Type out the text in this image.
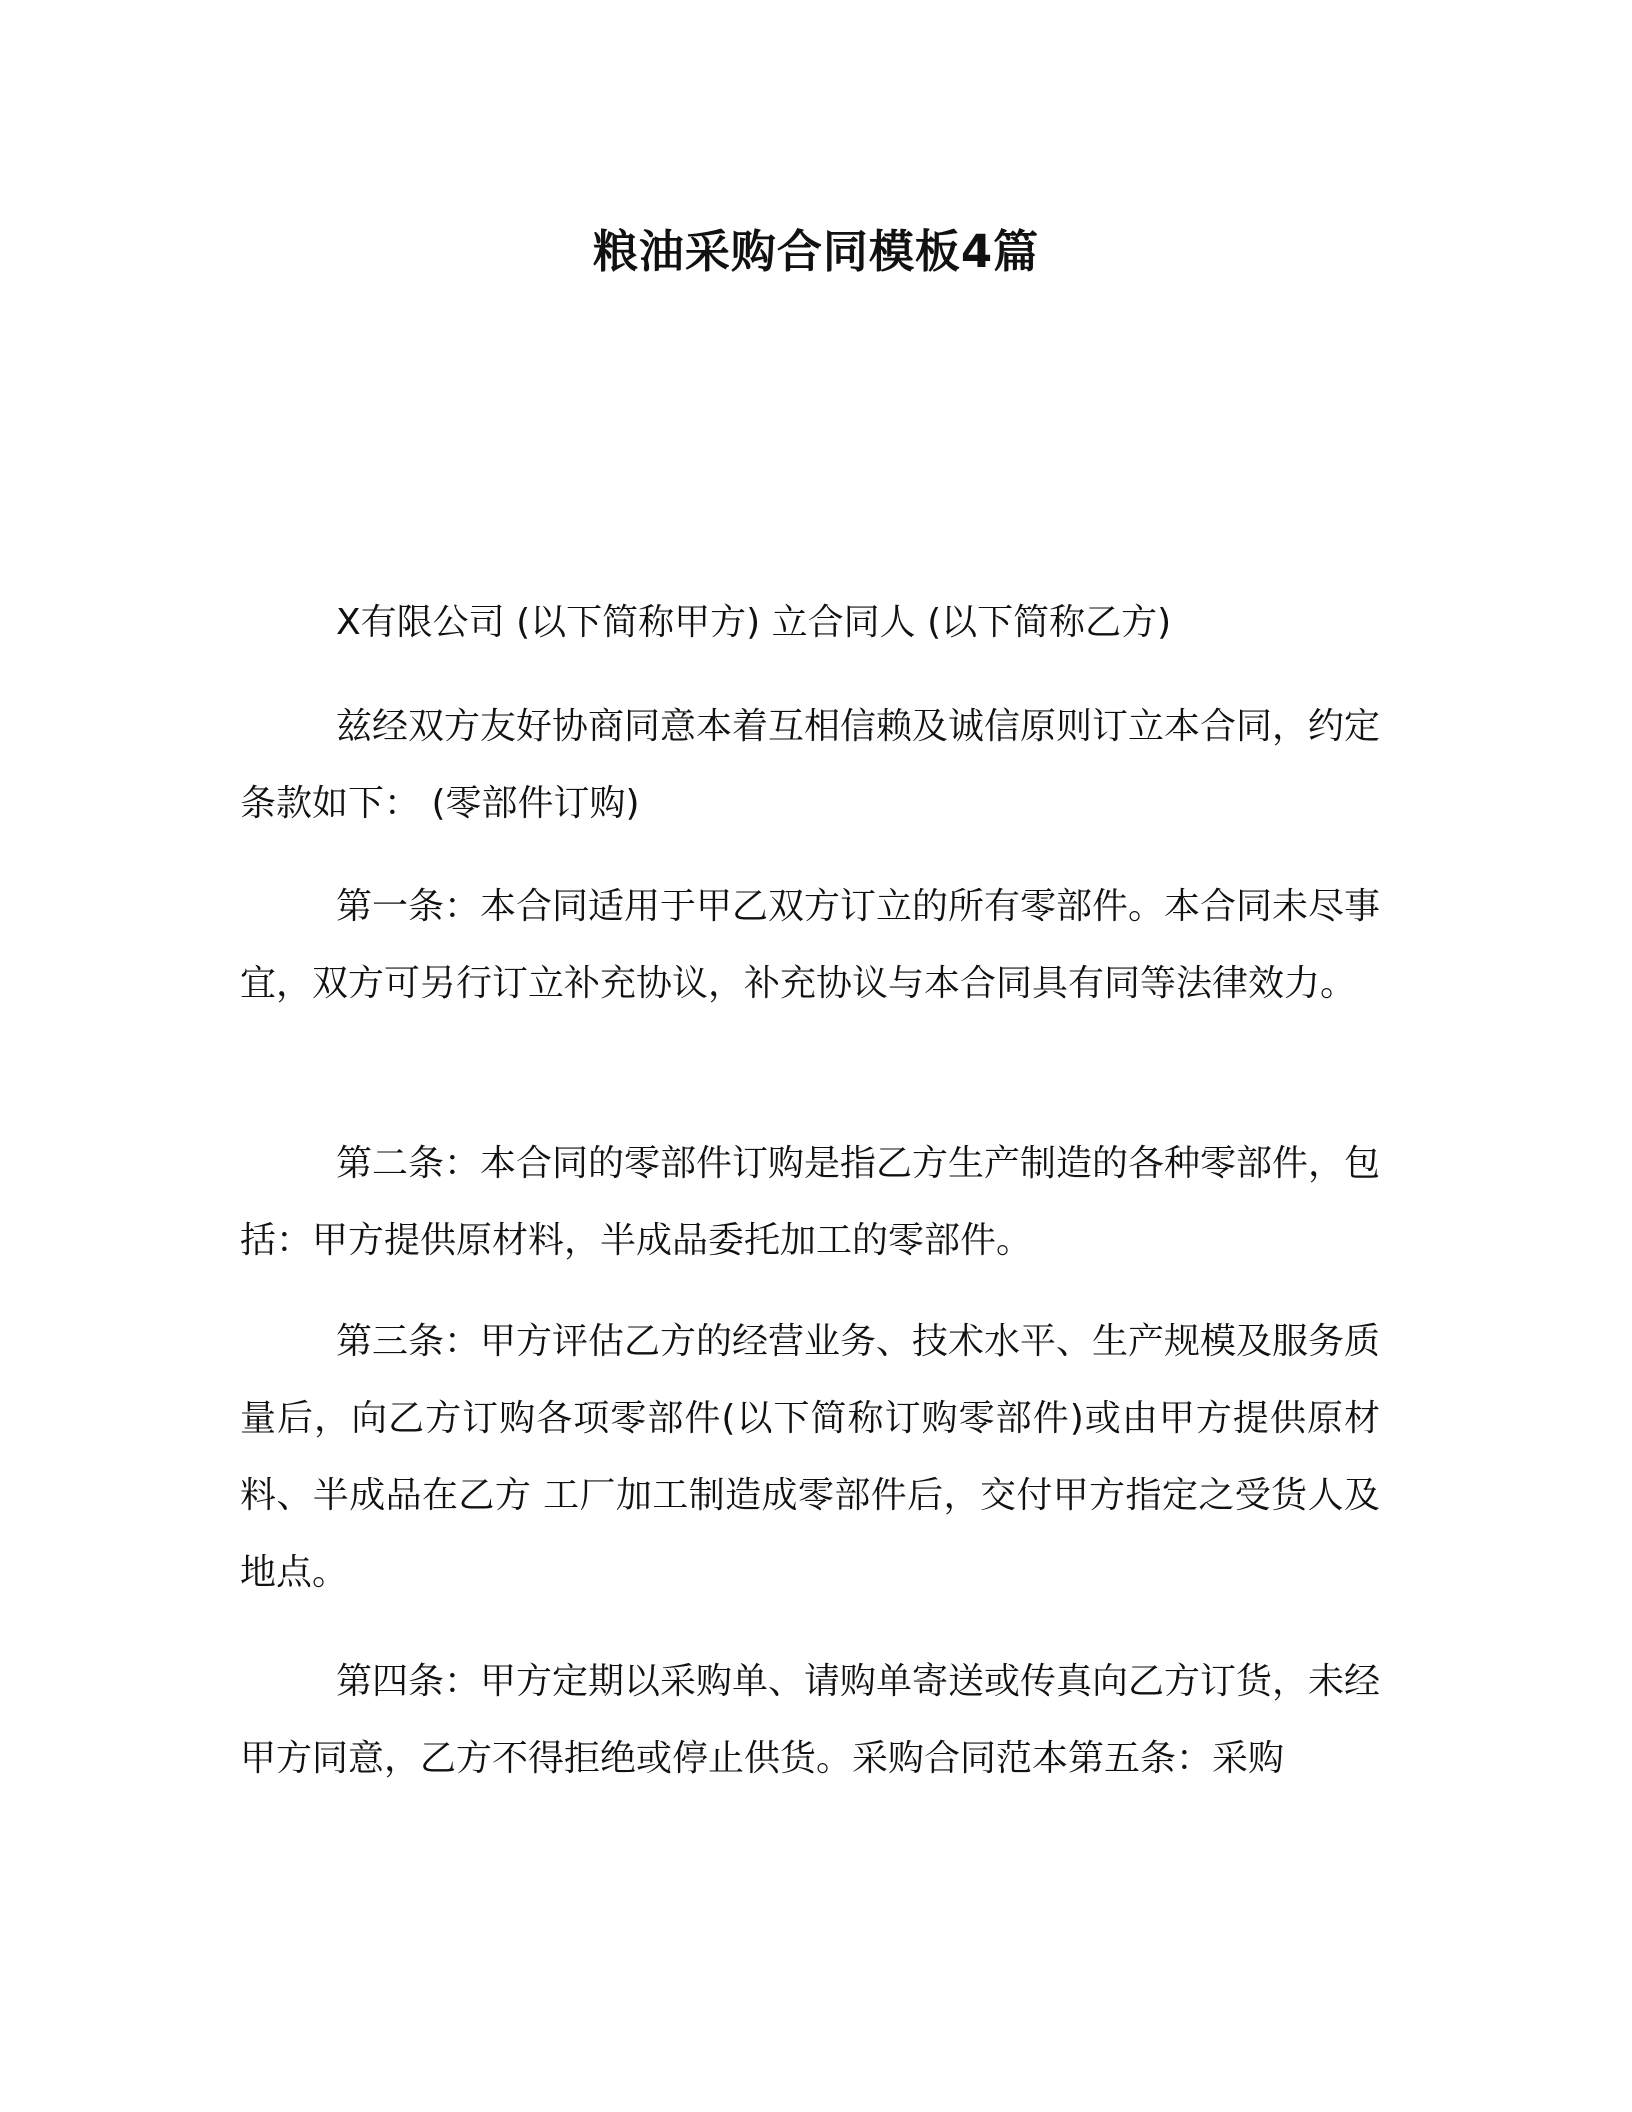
粮油采购合同模板4篇

X有限公司 (以下简称甲方) 立合同人 (以下简称乙方)

兹经双方友好协商同意本着互相信赖及诚信原则订立本合同，约定条款如下： (零部件订购)

第一条：本合同适用于甲乙双方订立的所有零部件。本合同未尽事宜，双方可另行订立补充协议，补充协议与本合同具有同等法律效力。

第二条：本合同的零部件订购是指乙方生产制造的各种零部件，包括：甲方提供原材料，半成品委托加工的零部件。

第三条：甲方评估乙方的经营业务、技术水平、生产规模及服务质量后，向乙方订购各项零部件(以下简称订购零部件)或由甲方提供原材料、半成品在乙方 工厂加工制造成零部件后，交付甲方指定之受货人及地点。

第四条：甲方定期以采购单、请购单寄送或传真向乙方订货，未经甲方同意，乙方不得拒绝或停止供货。采购合同范本第五条：采购
